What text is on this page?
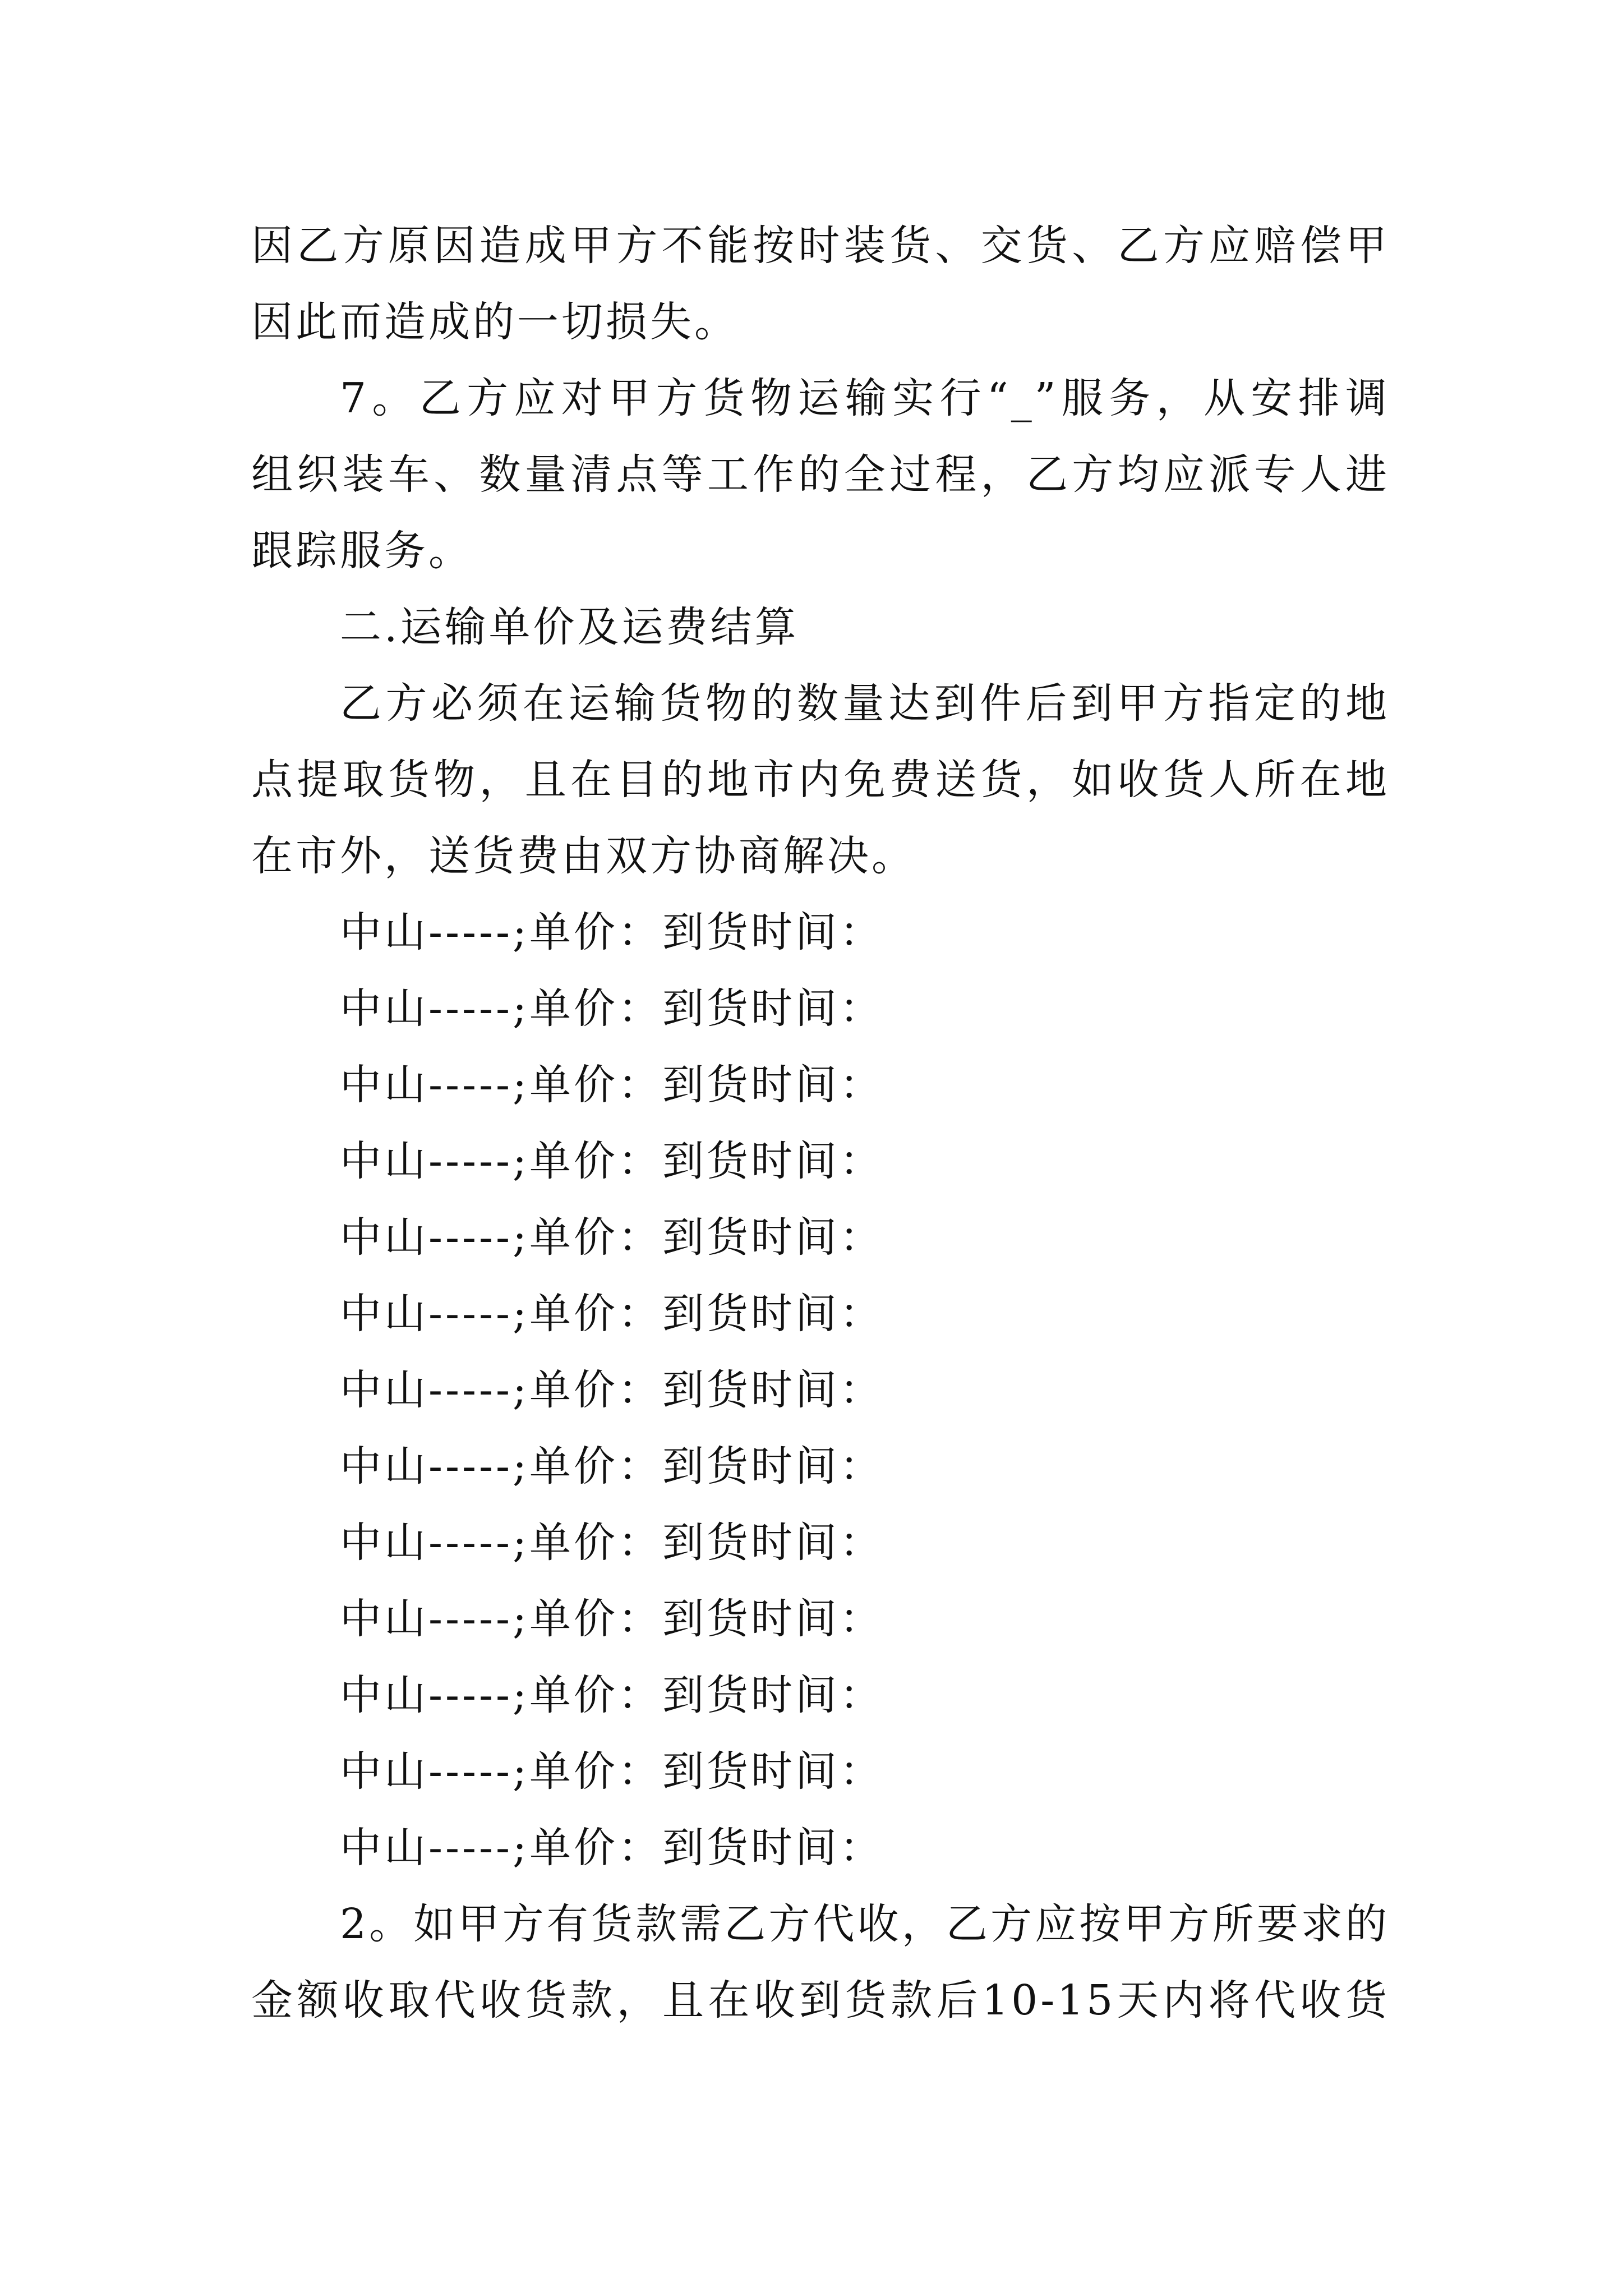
因乙方原因造成甲方不能按时装货、交货、乙方应赔偿甲
因此而造成的一切损失。
7。乙方应对甲方货物运输实行“_”服务，从安排调
组织装车、数量清点等工作的全过程，乙方均应派专人进
跟踪服务。
二.运输单价及运费结算
乙方必须在运输货物的数量达到件后到甲方指定的地
点提取货物，且在目的地市内免费送货，如收货人所在地
在市外，送货费由双方协商解决。
中山-----;单价：到货时间：
中山-----;单价：到货时间：
中山-----;单价：到货时间：
中山-----;单价：到货时间：
中山-----;单价：到货时间：
中山-----;单价：到货时间：
中山-----;单价：到货时间：
中山-----;单价：到货时间：
中山-----;单价：到货时间：
中山-----;单价：到货时间：
中山-----;单价：到货时间：
中山-----;单价：到货时间：
中山-----;单价：到货时间：
2。如甲方有货款需乙方代收，乙方应按甲方所要求的
金额收取代收货款，且在收到货款后10-15天内将代收货
